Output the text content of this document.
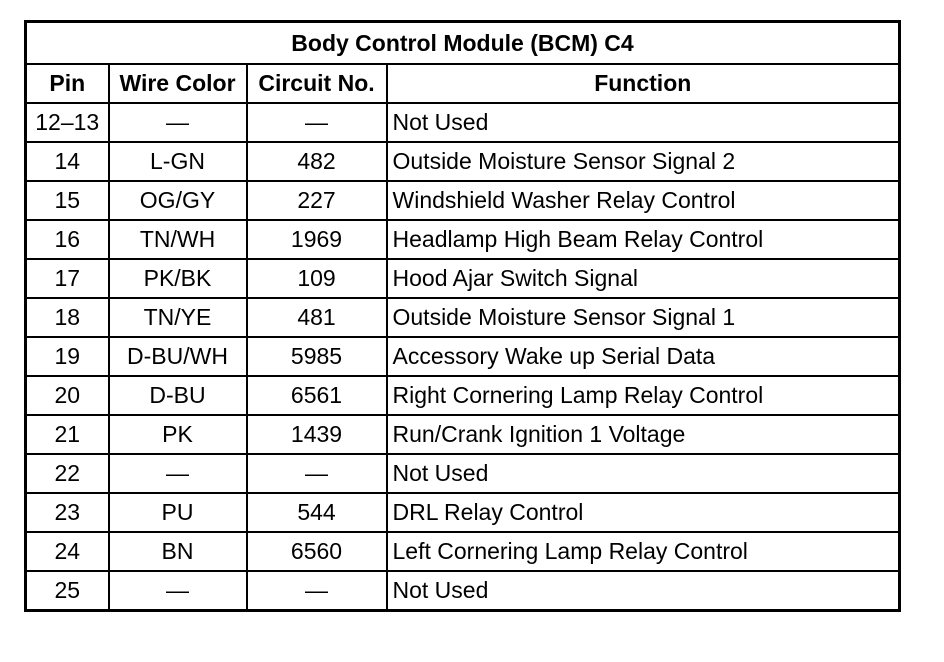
Body Control Module (BCM) C4			
Pin	Wire Color	Circuit No.	Function
12–13	—	—	Not Used
14	L-GN	482	Outside Moisture Sensor Signal 2
15	OG/GY	227	Windshield Washer Relay Control
16	TN/WH	1969	Headlamp High Beam Relay Control
17	PK/BK	109	Hood Ajar Switch Signal
18	TN/YE	481	Outside Moisture Sensor Signal 1
19	D-BU/WH	5985	Accessory Wake up Serial Data
20	D-BU	6561	Right Cornering Lamp Relay Control
21	PK	1439	Run/Crank Ignition 1 Voltage
22	—	—	Not Used
23	PU	544	DRL Relay Control
24	BN	6560	Left Cornering Lamp Relay Control
25	—	—	Not Used
